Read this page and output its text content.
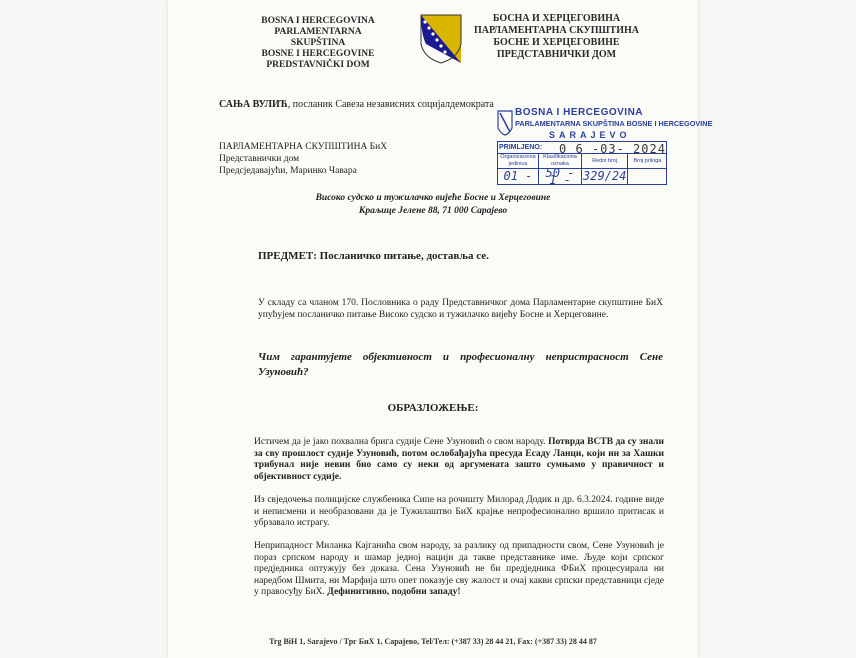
BOSNA I HERCEGOVINA
PARLAMENTARNA SKUPŠTINA
BOSNE I HERCEGOVINE
PREDSTAVNIČKI DOM
БОСНА И ХЕРЦЕГОВИНА
ПАРЛАМЕНТАРНА СКУПШТИНА
БОСНЕ И ХЕРЦЕГОВИНЕ
ПРЕДСТАВНИЧКИ ДОМ
САЊА ВУЛИЋ, посланик Савеза независних социјалдемократа
ПАРЛАМЕНТАРНА СКУПШТИНА БиХ
Представнички дом
Предсједавајући, Маринко Чавара
BOSNA I HERCEGOVINA
PARLAMENTARNA SKUPŠTINA BOSNE I HERCEGOVINE
SARAJEVO
PRIMLJENO:			
Organizaciona jedinica	Klasifikaciona oznaka	Redni broj	Broj priloga
01 -	50 - 1 -	329/24	
0 6 -03- 2024
Високо судско и тужилачко вијеће Босне и Херцеговине
Краљице Јелене 88, 71 000 Сарајево
ПРЕДМЕТ: Посланичко питање, доставља се.
У складу са чланом 170. Пословника о раду Представничког дома Парламентарне скупштине БиХ упућујем посланичко питање Високо судско и тужилачко вијећу Босне и Херцеговине.
Чим гарантујете објективност и професионалну непристрасност Сене Узуновић?
ОБРАЗЛОЖЕЊЕ:
Истичем да је јако похвална брига судије Сене Узуновић о свом народу. Потврда ВСТВ да су знали за сву прошлост судије Узуновић, потом ослобађајућа пресуда Есаду Ланци, који ни за Хашки трибунал није невин био само су неки од аргумената зашто сумњамо у правичност и објективност судије.
Из свједочења полицијске службеника Сипе на рочишту Милорад Додик и др. 6.3.2024. године виде и неписмени и необразовани да је Тужилаштво БиХ крајње непрофесионално вршило притисак и убрзавало истрагу.
Неприпадност Миланка Кајганића свом народу, за разлику од припадности свом, Сене Узуновић је пораз српском народу и шамар једној нацији да такве представнике име. Људе који српског предједника оптужују без доказа. Сена Узуновић не би предједника ФБиХ процесуирала ни наредбом Шмита, ни Марфија што опет показује сву жалост и очај какви српски представници сједе у правосуђу БиХ. Дефинитивно, подобни западу!
Trg BiH 1, Sarajevo / Трг БиХ 1, Сарајево, Tel/Тел: (+387 33) 28 44 21, Fax: (+387 33) 28 44 87
